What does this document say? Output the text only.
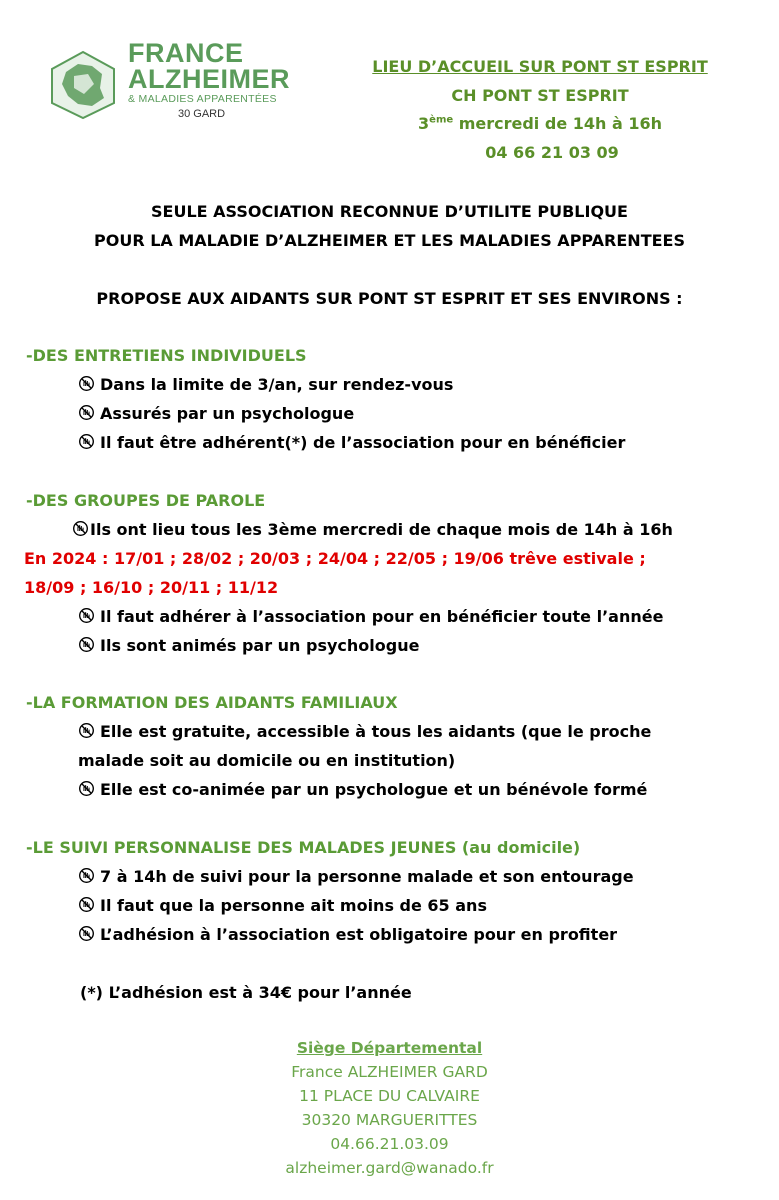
FRANCE
ALZHEIMER
& MALADIES APPARENTÉES
30 GARD
LIEU D’ACCUEIL SUR PONT ST ESPRIT
CH PONT ST ESPRIT
3ème mercredi de 14h à 16h
04 66 21 03 09
SEULE ASSOCIATION RECONNUE D’UTILITE PUBLIQUE
POUR LA MALADIE D’ALZHEIMER ET LES MALADIES APPARENTEES
PROPOSE AUX AIDANTS SUR PONT ST ESPRIT ET SES ENVIRONS :
-DES ENTRETIENS INDIVIDUELS
Dans la limite de 3/an, sur rendez-vous
Assurés par un psychologue
Il faut être adhérent(*) de l’association pour en bénéficier
-DES GROUPES DE PAROLE
Ils ont lieu tous les 3ème mercredi de chaque mois de 14h à 16h
En 2024 : 17/01 ; 28/02 ; 20/03 ; 24/04 ; 22/05 ; 19/06 trêve estivale ;
18/09 ; 16/10 ; 20/11 ; 11/12
Il faut adhérer à l’association pour en bénéficier toute l’année
Ils sont animés par un psychologue
-LA FORMATION DES AIDANTS FAMILIAUX
Elle est gratuite, accessible à tous les aidants (que le proche
malade soit au domicile ou en institution)
Elle est co-animée par un psychologue et un bénévole formé
-LE SUIVI PERSONNALISE DES MALADES JEUNES (au domicile)
7 à 14h de suivi pour la personne malade et son entourage
Il faut que la personne ait moins de 65 ans
L’adhésion à l’association est obligatoire pour en profiter
(*) L’adhésion est à 34€ pour l’année
Siège Départemental
France ALZHEIMER GARD
11 PLACE DU CALVAIRE
30320 MARGUERITTES
04.66.21.03.09
alzheimer.gard@wanado.fr
